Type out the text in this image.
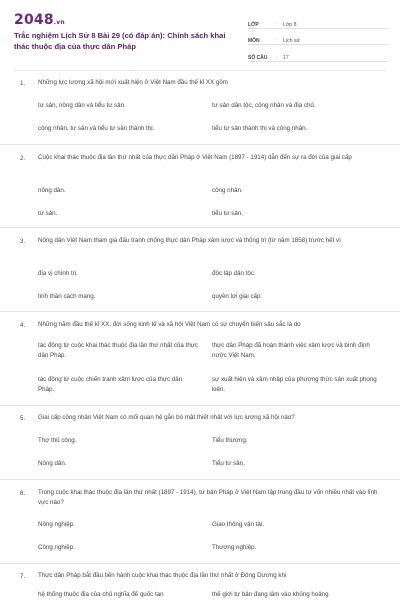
2048.vn
Trắc nghiệm Lịch Sử 8 Bài 29 (có đáp án): Chính sách khai thác thuộc địa của thực dân Pháp
LỚP	:	Lớp 8
MÔN	:	Lịch sử
SỐ CÂU	:	17
1. Những lực lượng xã hội mới xuất hiện ở Việt Nam đầu thế kỉ XX gồm
tư sản, nông dân và tiểu tư sản.	tư sản dân tộc, công nhân và địa chủ.
công nhân, tư sản và tiểu tư sản thành thị.	tiểu tư sản thành thị và công nhân.
2. Cuộc khai thác thuộc địa lần thứ nhất của thực dân Pháp ở Việt Nam (1897 - 1914) dẫn đến sự ra đời của giai cấp
nông dân.	công nhân.
tư sản.	tiểu tư sản.
3. Nông dân Việt Nam tham gia đấu tranh chống thực dân Pháp xâm lược và thống trị (từ năm 1858) trước hết vì
địa vị chính trị.	độc lập dân tộc.
tinh thần cách mạng.	quyền lợi giai cấp.
4. Những năm đầu thế kỉ XX, đời sống kinh tế và xã hội Việt Nam có sự chuyển biến sâu sắc là do
tác động từ cuộc khai thác thuộc địa lần thứ nhất của thực dân Pháp.
thực dân Pháp đã hoàn thành việc xâm lược và bình định nước Việt Nam.
tác động từ cuộc chiến tranh xâm lược của thực dân Pháp.
sự xuất hiện và xâm nhập của phương thức sản xuất phong kiến.
5. Giai cấp công nhân Việt Nam có mối quan hệ gắn bó mật thiết nhất với lực lượng xã hội nào?
Thợ thủ công.	Tiểu thương.
Nông dân.	Tiểu tư sản.
6. Trong cuộc khai thác thuộc địa lần thứ nhất (1897 - 1914), tư bản Pháp ở Việt Nam tập trung đầu tư vốn nhiều nhất vào lĩnh vực nào?
Nông nghiệp.	Giao thông vận tải.
Công nghiệp.	Thương nghiệp.
7. Thực dân Pháp bắt đầu tiến hành cuộc khai thác thuộc địa lần thứ nhất ở Đông Dương khi
hệ thống thuộc địa của chủ nghĩa đế quốc tan	thế giới tư bản đang lâm vào khủng hoảng
